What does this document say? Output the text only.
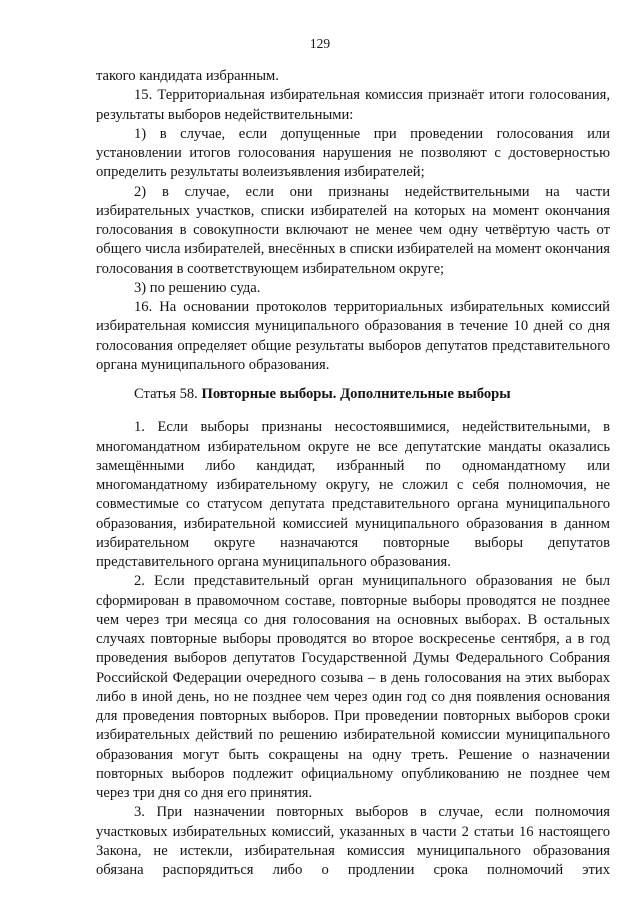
129

такого кандидата избранным.

15. Территориальная избирательная комиссия признаёт итоги голосования, результаты выборов недействительными:

1) в случае, если допущенные при проведении голосования или установлении итогов голосования нарушения не позволяют с достоверностью определить результаты волеизъявления избирателей;

2) в случае, если они признаны недействительными на части избирательных участков, списки избирателей на которых на момент окончания голосования в совокупности включают не менее чем одну четвёртую часть от общего числа избирателей, внесённых в списки избирателей на момент окончания голосования в соответствующем избирательном округе;

3) по решению суда.

16. На основании протоколов территориальных избирательных комиссий избирательная комиссия муниципального образования в течение 10 дней со дня голосования определяет общие результаты выборов депутатов представительного органа муниципального образования.

Статья 58. Повторные выборы. Дополнительные выборы

1. Если выборы признаны несостоявшимися, недействительными, в многомандатном избирательном округе не все депутатские мандаты оказались замещёнными либо кандидат, избранный по одномандатному или многомандатному избирательному округу, не сложил с себя полномочия, не совместимые со статусом депутата представительного органа муниципального образования, избирательной комиссией муниципального образования в данном избирательном округе назначаются повторные выборы депутатов представительного органа муниципального образования.

2. Если представительный орган муниципального образования не был сформирован в правомочном составе, повторные выборы проводятся не позднее чем через три месяца со дня голосования на основных выборах. В остальных случаях повторные выборы проводятся во второе воскресенье сентября, а в год проведения выборов депутатов Государственной Думы Федерального Собрания Российской Федерации очередного созыва – в день голосования на этих выборах либо в иной день, но не позднее чем через один год со дня появления основания для проведения повторных выборов. При проведении повторных выборов сроки избирательных действий по решению избирательной комиссии муниципального образования могут быть сокращены на одну треть. Решение о назначении повторных выборов подлежит официальному опубликованию не позднее чем через три дня со дня его принятия.

3. При назначении повторных выборов в случае, если полномочия участковых избирательных комиссий, указанных в части 2 статьи 16 настоящего Закона, не истекли, избирательная комиссия муниципального образования обязана распорядиться либо о продлении срока полномочий этих
